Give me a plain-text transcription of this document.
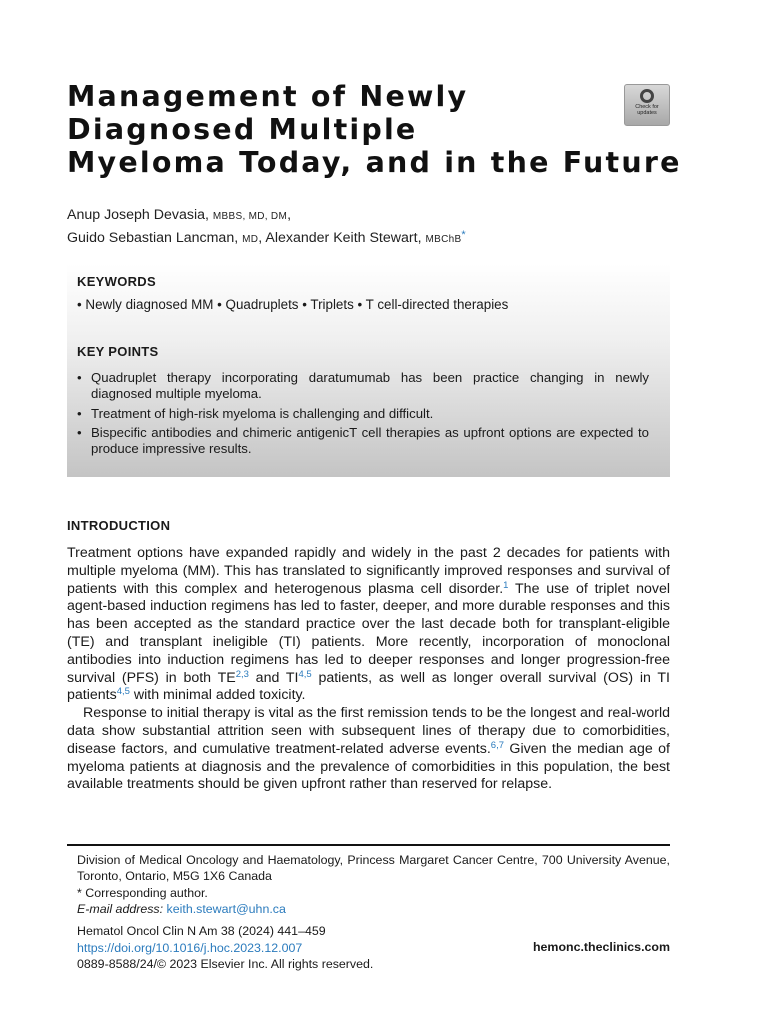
Management of Newly
Diagnosed Multiple
Myeloma Today, and in the Future
Check for
updates
Anup Joseph Devasia, MBBS, MD, DM,
Guido Sebastian Lancman, MD, Alexander Keith Stewart, MBChB*
KEYWORDS
• Newly diagnosed MM • Quadruplets • Triplets • T cell-directed therapies
KEY POINTS
• Quadruplet therapy incorporating daratumumab has been practice changing in newly diagnosed multiple myeloma.
• Treatment of high-risk myeloma is challenging and difficult.
• Bispecific antibodies and chimeric antigenicT cell therapies as upfront options are expected to produce impressive results.
INTRODUCTION

Treatment options have expanded rapidly and widely in the past 2 decades for patients with multiple myeloma (MM). This has translated to significantly improved responses and survival of patients with this complex and heterogenous plasma cell disorder.$^1$ The use of triplet novel agent-based induction regimens has led to faster, deeper, and more durable responses and this has been accepted as the standard practice over the last decade both for transplant-eligible (TE) and transplant ineligible (TI) patients. More recently, incorporation of monoclonal antibodies into induction regimens has led to deeper responses and longer progression-free survival (PFS) in both TE$^{2,3}$ and TI$^{4,5}$ patients, as well as longer overall survival (OS) in TI patients$^{4,5}$ with minimal added toxicity.

Response to initial therapy is vital as the first remission tends to be the longest and real-world data show substantial attrition seen with subsequent lines of therapy due to comorbidities, disease factors, and cumulative treatment-related adverse events.$^{6,7}$ Given the median age of myeloma patients at diagnosis and the prevalence of comorbidities in this population, the best available treatments should be given upfront rather than reserved for relapse.

Division of Medical Oncology and Haematology, Princess Margaret Cancer Centre, 700 University Avenue, Toronto, Ontario, M5G 1X6 Canada
* Corresponding author.
E-mail address: keith.stewart@uhn.ca
Hematol Oncol Clin N Am 38 (2024) 441–459
https://doi.org/10.1016/j.hoc.2023.12.007
0889-8588/24/© 2023 Elsevier Inc. All rights reserved.
hemonc.theclinics.com
